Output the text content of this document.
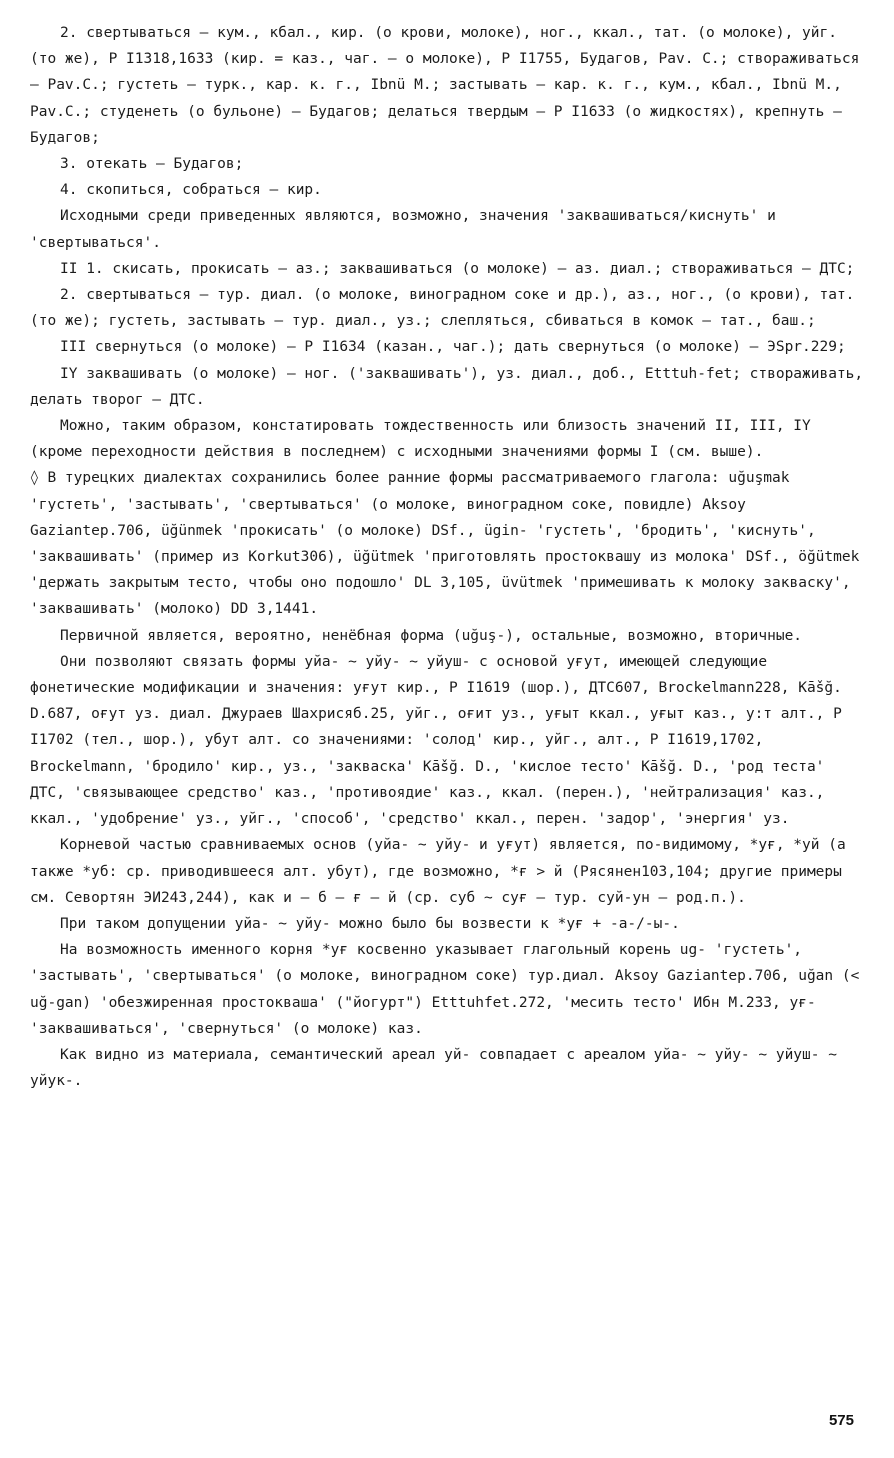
2. свертываться – кум., кбал., кир. (о крови, молоке), ног., ккал., тат. (о молоке), уйг. (то же), Р I1318,1633 (кир. = каз., чаг. – о молоке), Р I1755, Будагов, Pav. C.; створаживаться – Pav.C.; густеть – турк., кар. к. г., Ibnü M.; застывать – кар. к. г., кум., кбал., Ibnü M., Pav.C.; студенеть (о бульоне) – Будагов; делаться твердым – Р I1633 (о жидкостях), крепнуть – Будагов;

3. отекать – Будагов;

4. скопиться, собраться – кир.

Исходными среди приведенных являются, возможно, значения 'заквашиваться/киснуть' и 'свертываться'.

II 1. скисать, прокисать – аз.; заквашиваться (о молоке) – аз. диал.; створаживаться – ДТС;

2. свертываться – тур. диал. (о молоке, виноградном соке и др.), аз., ног., (о крови), тат. (то же); густеть, застывать – тур. диал., уз.; слепляться, сбиваться в комок – тат., баш.;

III свернуться (о молоке) – Р I1634 (казан., чаг.); дать свернуться (о молоке) – ЭSpr.229;

IY заквашивать (о молоке) – ног. ('заквашивать'), уз. диал., доб., Etttuh-fet; створаживать, делать творог – ДТС.

Можно, таким образом, констатировать тождественность или близость значений II, III, IY (кроме переходности действия в последнем) с исходными значениями формы I (см. выше).

◊ В турецких диалектах сохранились более ранние формы рассматриваемого глагола: uğuşmak 'густеть', 'застывать', 'свертываться' (о молоке, виноградном соке, повидле) Aksoy Gaziantep.706, üğünmek 'прокисать' (о молоке) DSf., ügin- 'густеть', 'бродить', 'киснуть', 'заквашивать' (пример из Korkut306), üğütmek 'приготовлять простоквашу из молока' DSf., öğütmek 'держать закрытым тесто, чтобы оно подошло' DL 3,105, üvütmek 'примешивать к молоку закваску', 'заквашивать' (молоко) DD 3,1441.

Первичной является, вероятно, ненёбная форма (uğuş-), остальные, возможно, вторичные.

Они позволяют связать формы уйа- ~ уйу- ~ уйуш- с основой уғут, имеющей следующие фонетические модификации и значения: уғут кир., Р I1619 (шор.), ДТС607, Brockelmann228, Kāšğ. D.687, оғут уз. диал. Джураев Шахрисяб.25, уйг., оғит уз., уғыт ккал., уғыт каз., у:т алт., Р I1702 (тел., шор.), убут алт. со значениями: 'солод' кир., уйг., алт., Р I1619,1702, Brockelmann, 'бродило' кир., уз., 'закваска' Kāšğ. D., 'кислое тесто' Kāšğ. D., 'род теста' ДТС, 'связывающее средство' каз., 'противоядие' каз., ккал. (перен.), 'нейтрализация' каз., ккал., 'удобрение' уз., уйг., 'способ', 'средство' ккал., перен. 'задор', 'энергия' уз.

Корневой частью сравниваемых основ (уйа- ~ уйу- и уғут) является, по-видимому, *уғ, *уй (а также *уб: ср. приводившееся алт. убут), где возможно, *ғ > й (Рясянен103,104; другие примеры см. Севортян ЭИ243,244), как и – б – ғ – й (ср. суб ~ суғ – тур. суй-ун – род.п.).

При таком допущении уйа- ~ уйу- можно было бы возвести к *уғ + -а-/-ы-.

На возможность именного корня *уғ косвенно указывает глагольный корень ug- 'густеть', 'застывать', 'свертываться' (о молоке, виноградном соке) тур.диал. Aksoy Gaziantep.706, uğan (< uğ-gan) 'обезжиренная простокваша' ("йогурт") Etttuhfet.272, 'месить тесто' Ибн М.233, уғ- 'заквашиваться', 'свернуться' (о молоке) каз.

Как видно из материала, семантический ареал уй- совпадает с ареалом уйа- ~ уйу- ~ уйуш- ~ уйук-.

575
